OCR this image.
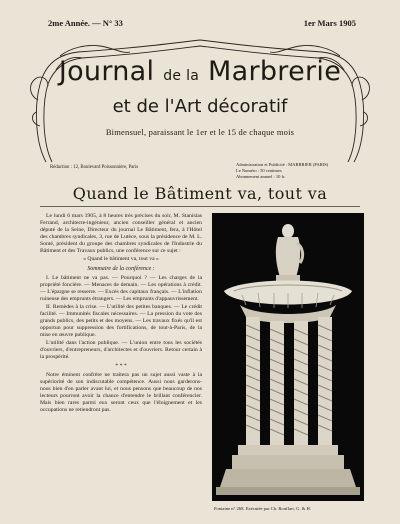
2me Année. — N° 33	1er Mars 1905
Journal de la Marbrerie
et de l'Art décoratif
Bimensuel, paraissant le 1er et le 15 de chaque mois
Rédaction : 12, Boulevard Poissonnière, Paris
Administration et Publicité : MARBRIER (PARIS)
Le Numéro : 50 centimes
Abonnement annuel : 10 fr.
Quand le Bâtiment va, tout va

Le lundi 6 mars 1905, à 8 heures très précises du soir, M. Stanislas Ferrand, architecte-ingénieur, ancien conseiller général et ancien député de la Seine, Directeur du journal Le Bâtiment, fera, à l'Hôtel des chambres syndicales, 3, rue de Lutèce, sous la présidence de M. L. Sonté, président du groupe des chambres syndicales de l'Industrie du Bâtiment et des Travaux publics, une conférence sur ce sujet :

« Quand le bâtiment va, tout va »

Sommaire de la conférence :

I. Le bâtiment ne va pas. — Pourquoi ? — Les charges de la propriété foncière. — Menaces de demain. — Les opérations à crédit. — L'épargne se resserre. — Excès des capitaux français. — L'inflation ruineuse des emprunts étrangers. — Les emprunts d'appauvrissement.

II. Remèdes à la crise. — L'utilité des petites banques. — Le crédit facilité. — Immunités fiscales nécessaires. — La pression du vote des grands publics, des petits et des moyens. — Les travaux fixés qu'il est opportun pour suppression des fortifications, de tout-à-Paris, de la mise en œuvre publique.

L'utilité dans l'action publique. — L'union entre tous les sociétés d'ouvriers, d'entrepreneurs, d'architectes et d'ouvriers. Retour certain à la prospérité.

* * *

Notre éminent confrère ne traitera pas un sujet aussi vaste à la supériorité de son indiscutable compétence. Aussi nous garderons-nous bien d'en parler avant lui, et nous pensons que beaucoup de nos lecteurs pourront avoir la chance d'entendre le brillant conférencier. Mais bien rares parmi eux seront ceux que l'éloignement et les occupations ne retiendront pas.

Fontaine n° 268. Exécutée par Ch. Rouffart, G. & H.
